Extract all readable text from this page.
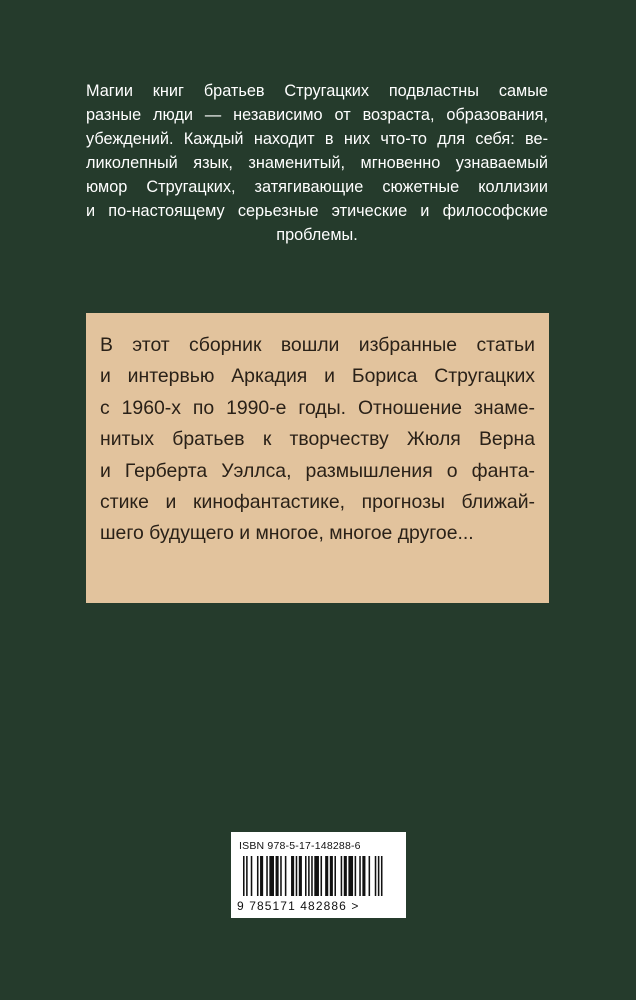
Магии книг братьев Стругацких подвластны самые
разные люди — независимо от возраста, образования,
убеждений. Каждый находит в них что-то для себя: ве-
ликолепный язык, знаменитый, мгновенно узнаваемый
юмор Стругацких, затягивающие сюжетные коллизии
и по-настоящему серьезные этические и философские
проблемы.
В этот сборник вошли избранные статьи
и интервью Аркадия и Бориса Стругацких
с 1960-х по 1990-е годы. Отношение знаме-
нитых братьев к творчеству Жюля Верна
и Герберта Уэллса, размышления о фанта-
стике и кинофантастике, прогнозы ближай-
шего будущего и многое, многое другое...
ISBN 978-5-17-148288-6
9 785171 482886 >
